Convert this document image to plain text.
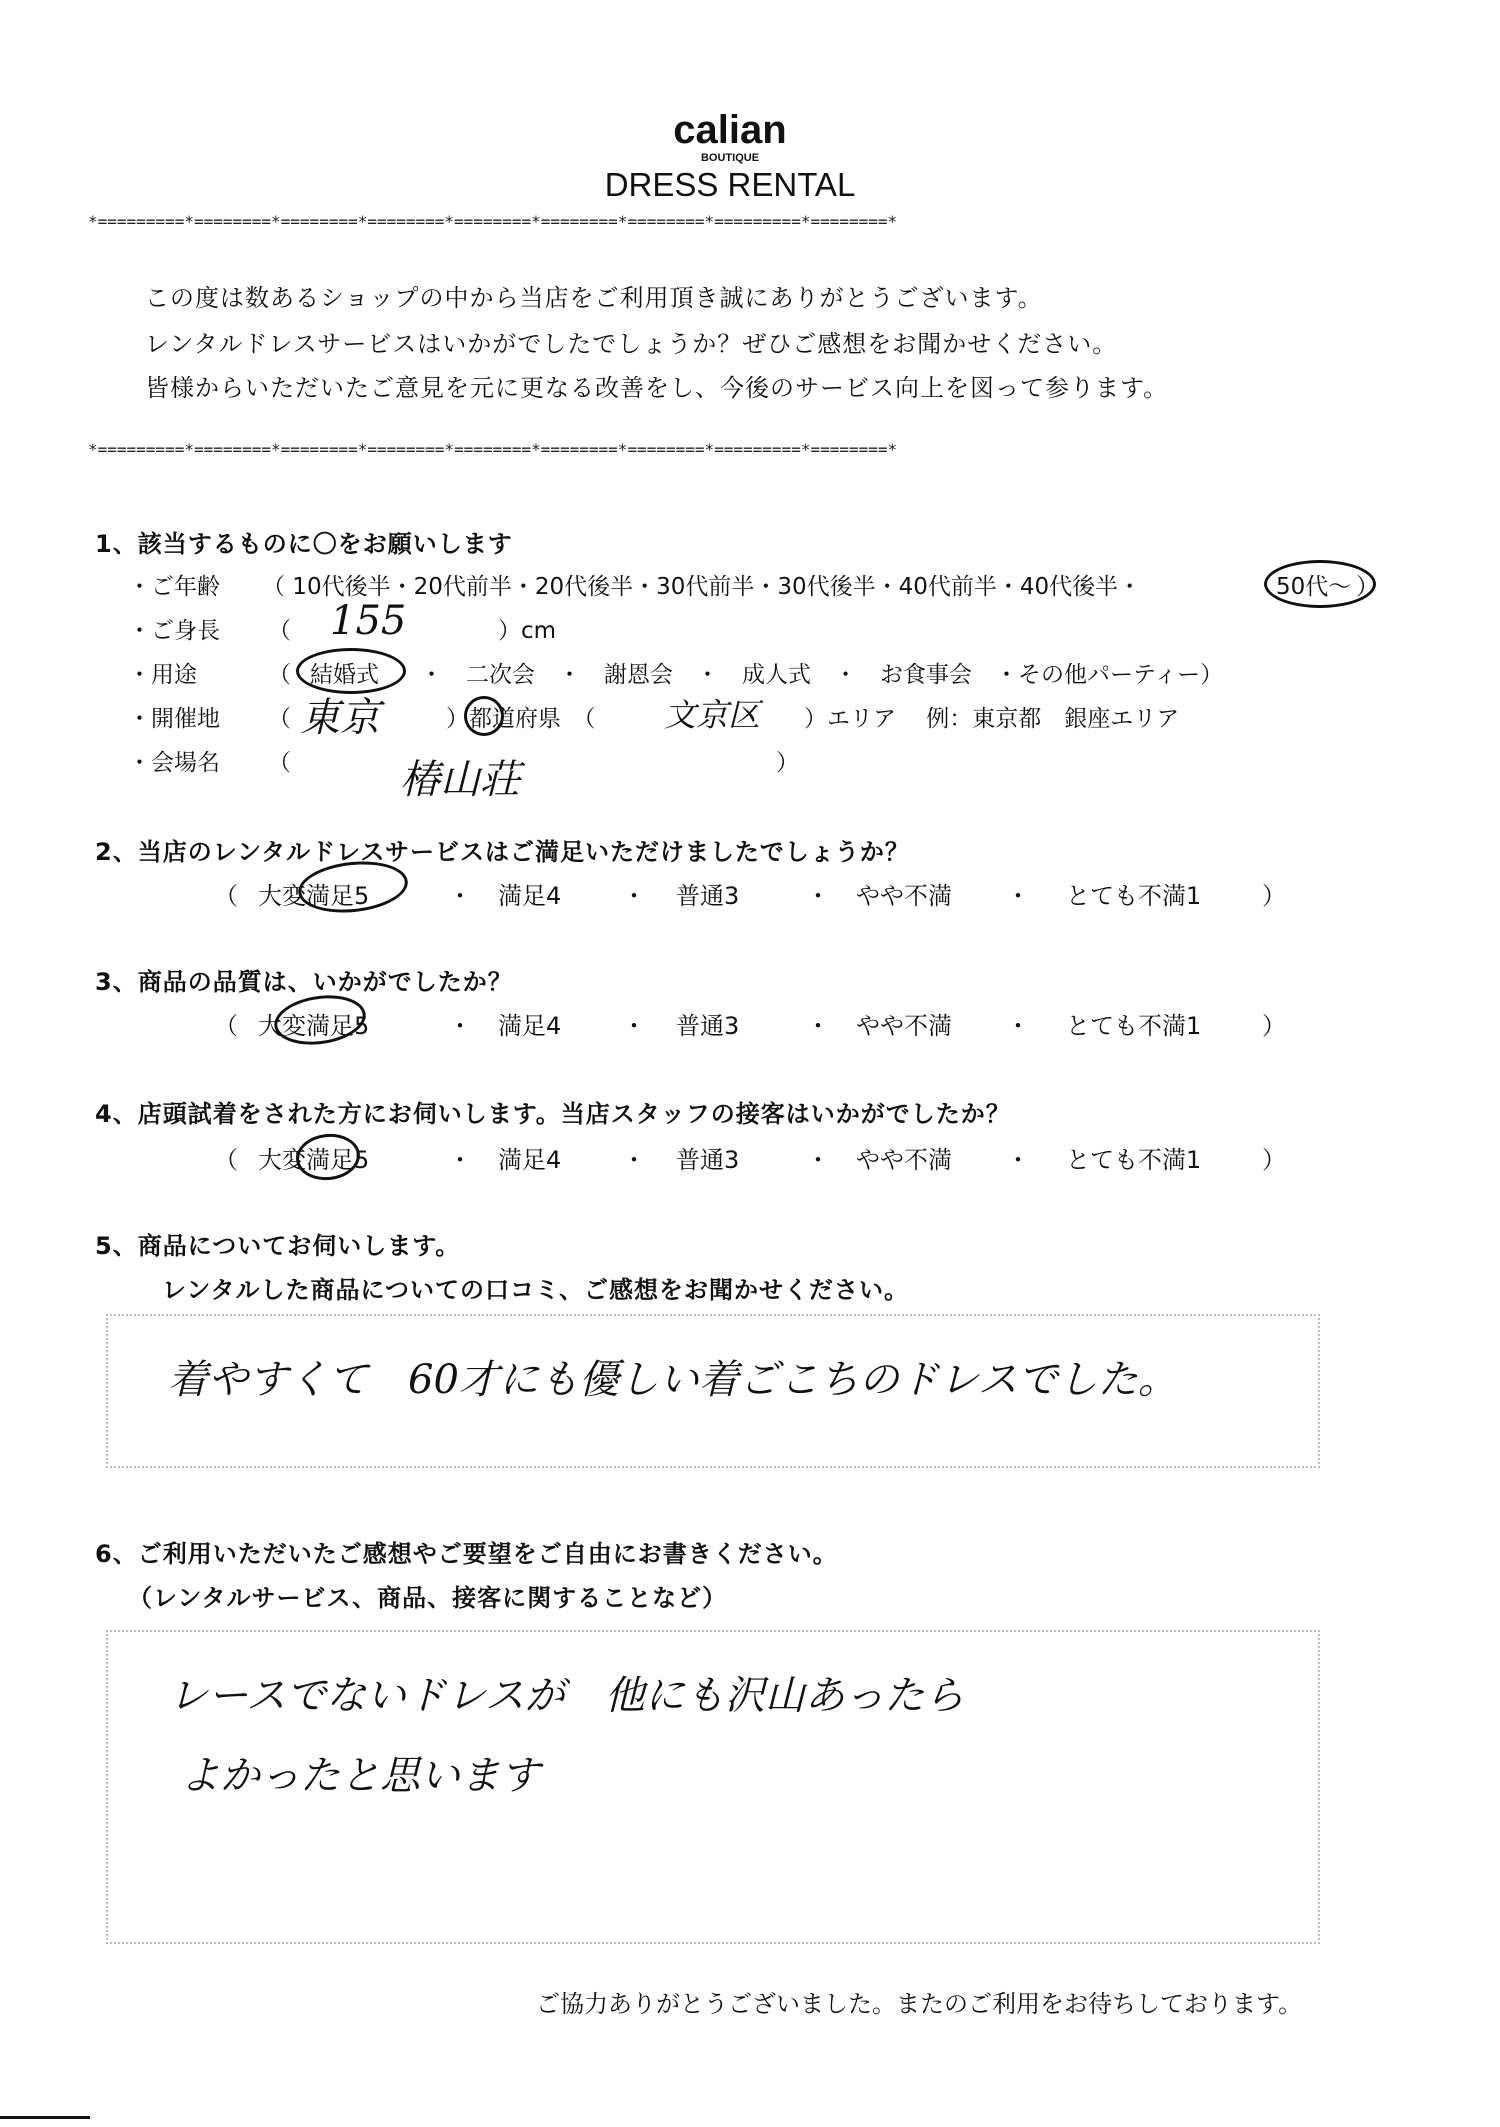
calian
BOUTIQUE
DRESS RENTAL
*=========*========*========*========*========*========*========*=========*========*
この度は数あるショップの中から当店をご利用頂き誠にありがとうございます。
レンタルドレスサービスはいかがでしたでしょうか？ぜひご感想をお聞かせください。
皆様からいただいたご意見を元に更なる改善をし、今後のサービス向上を図って参ります。
*=========*========*========*========*========*========*========*=========*========*
1、該当するものに〇をお願いします
・ご年齢 （ 10代後半・20代前半・20代後半・30代前半・30代後半・40代前半・40代後半・	50代〜 ）
・ご身長 （ 155	）cm
・用途	（ 結婚式 ・　二次会　・　謝恩会　・　成人式　・　お食事会　・その他パーティー）
・開催地 （ 東京	）都道府県　（ 文京区 ）エリア　 例：東京都　銀座エリア
・会場名 （	椿山荘	）
2、当店のレンタルドレスサービスはご満足いただけましたでしょうか？
（ 大変満足5	・ 満足4	・ 普通3	・ やや不満 ・ とても不満1	）
3、商品の品質は、いかがでしたか？
（ 大変満足5	・ 満足4	・ 普通3	・ やや不満 ・ とても不満1	）
4、店頭試着をされた方にお伺いします。当店スタッフの接客はいかがでしたか？
（ 大変満足5	・ 満足4	・ 普通3	・ やや不満 ・ とても不満1	）
5、商品についてお伺いします。
レンタルした商品についての口コミ、ご感想をお聞かせください。
着やすくて　60才にも優しい着ごこちのドレスでした。
6、ご利用いただいたご感想やご要望をご自由にお書きください。
（レンタルサービス、商品、接客に関することなど）
レースでないドレスが　他にも沢山あったら
よかったと思います
ご協力ありがとうございました。またのご利用をお待ちしております。
